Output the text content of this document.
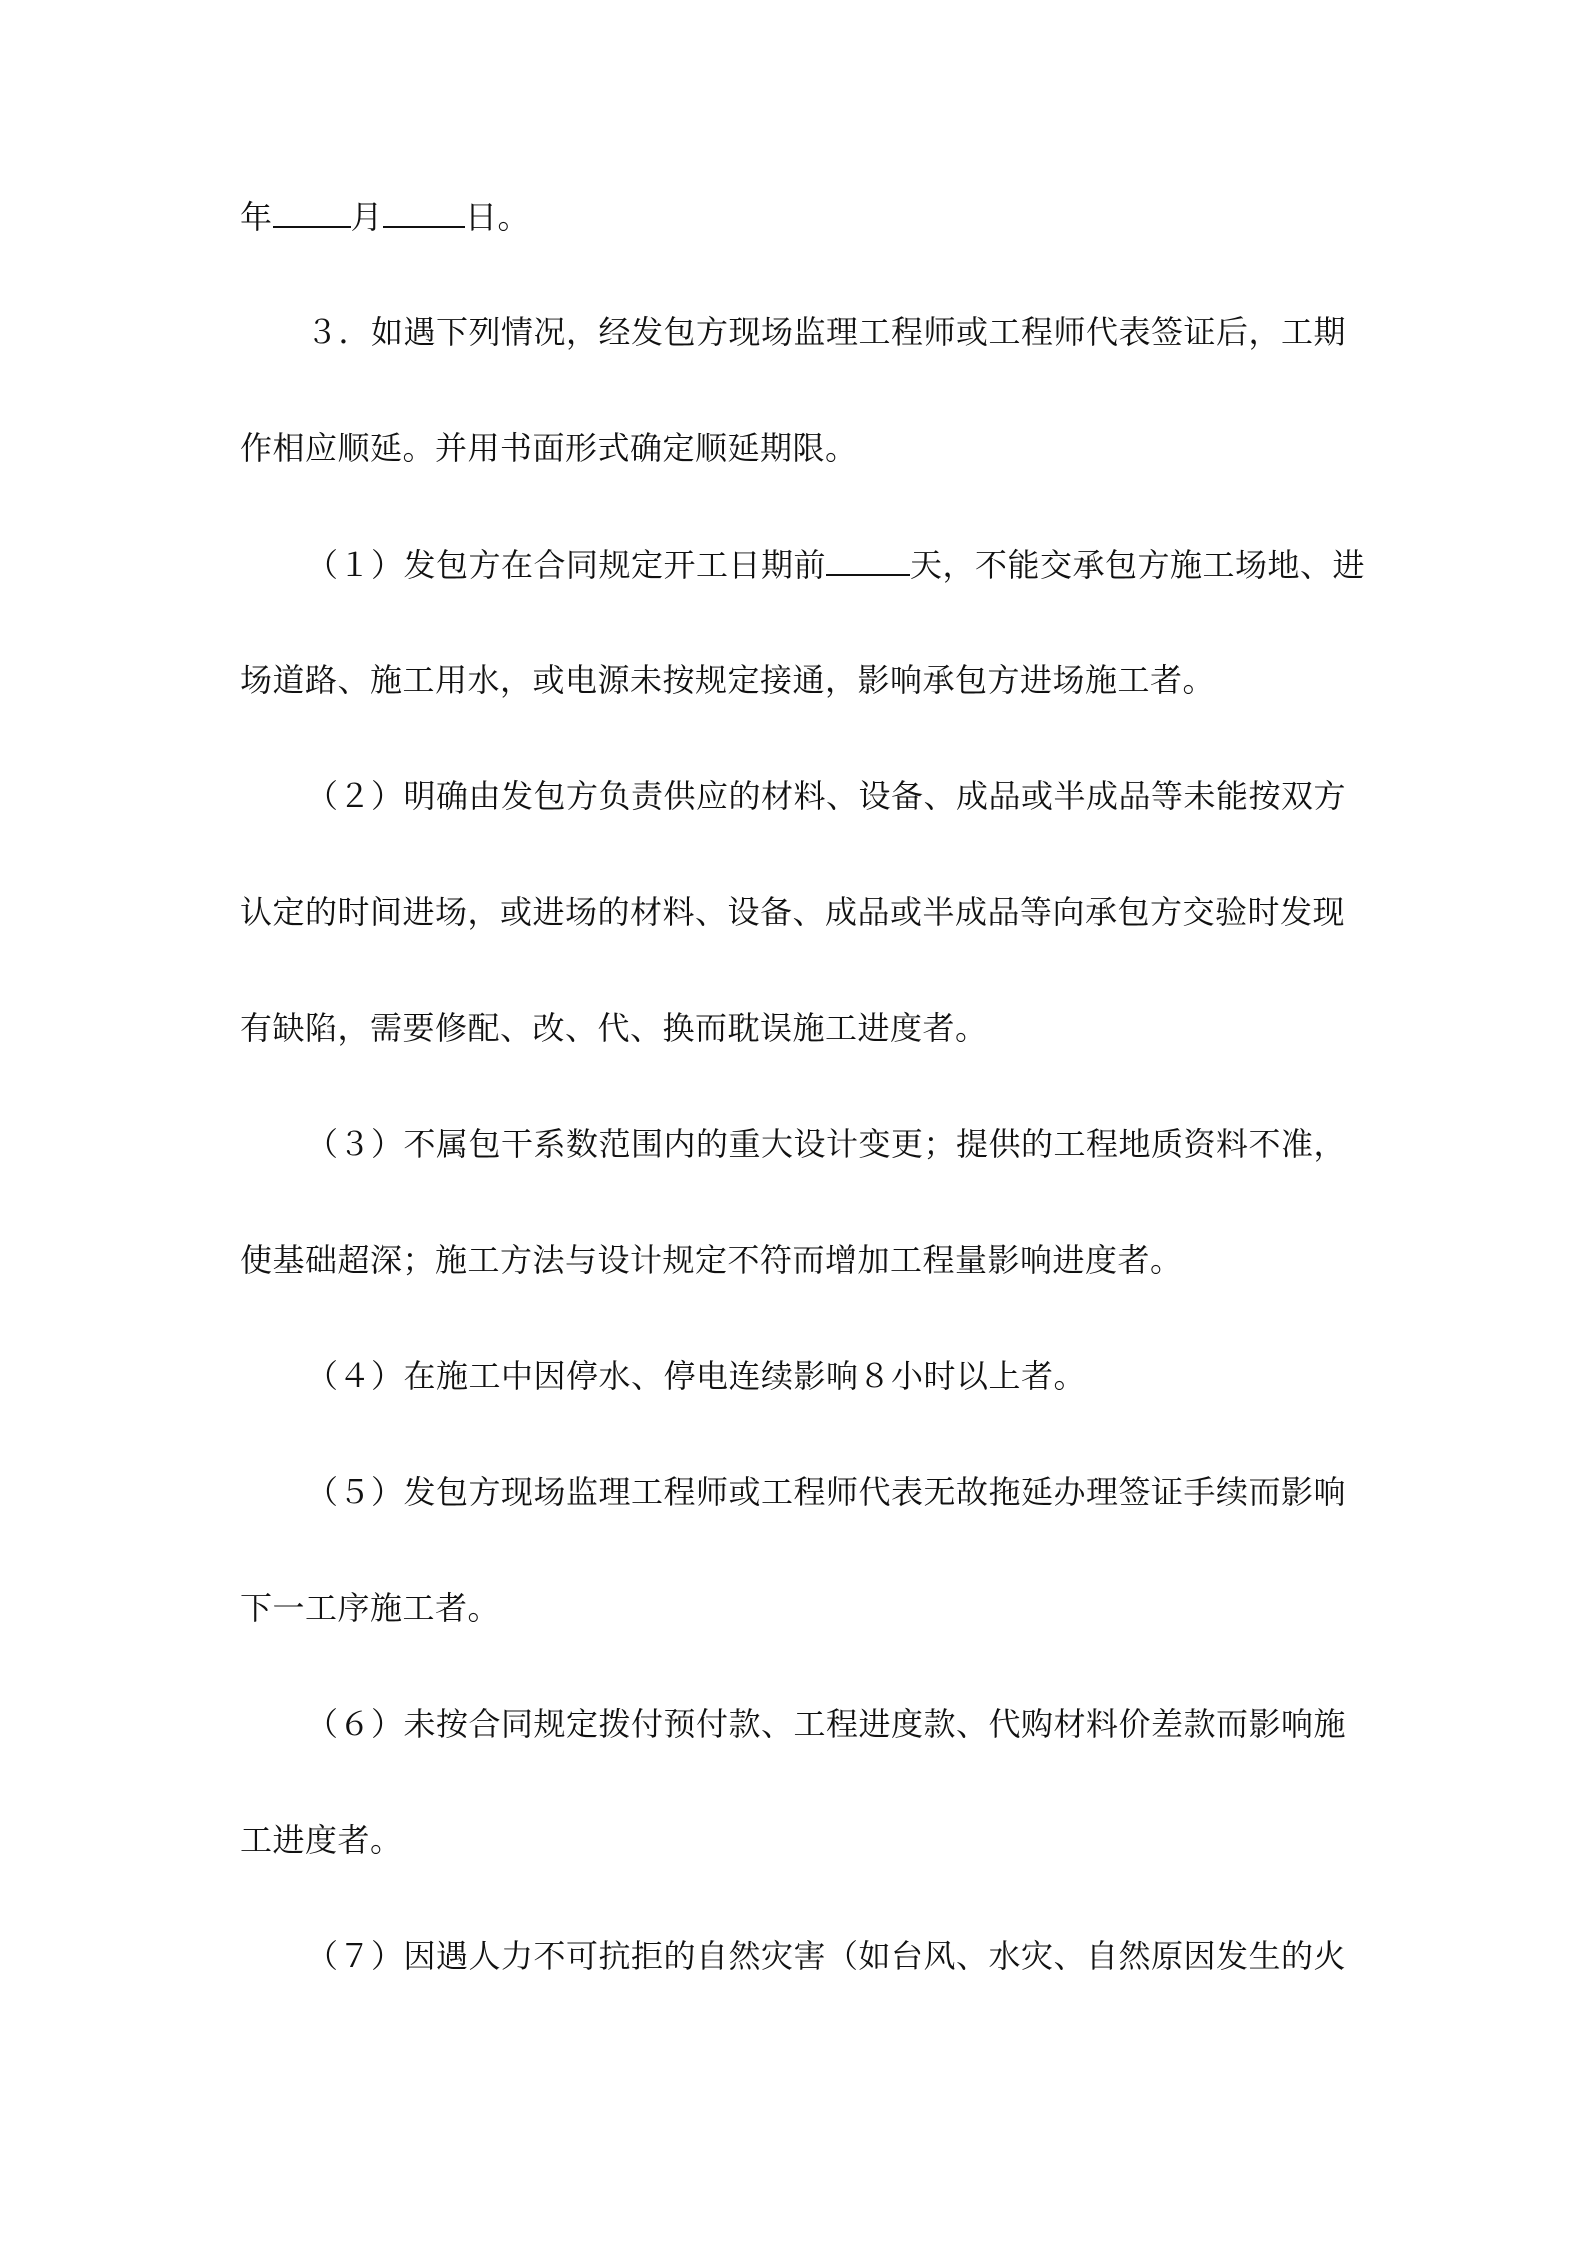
年 月	日。
３．如遇下列情况，经发包方现场监理工程师或工程师代表签证后，工期
作相应顺延。并用书面形式确定顺延期限。
（１）发包方在合同规定开工日期前	天，不能交承包方施工场地、进
场道路、施工用水，或电源未按规定接通，影响承包方进场施工者。
（２）明确由发包方负责供应的材料、设备、成品或半成品等未能按双方
认定的时间进场，或进场的材料、设备、成品或半成品等向承包方交验时发现
有缺陷，需要修配、改、代、换而耽误施工进度者。
（３）不属包干系数范围内的重大设计变更；提供的工程地质资料不准，
使基础超深；施工方法与设计规定不符而增加工程量影响进度者。
（４）在施工中因停水、停电连续影响８小时以上者。
（５）发包方现场监理工程师或工程师代表无故拖延办理签证手续而影响
下一工序施工者。
（６）未按合同规定拨付预付款、工程进度款、代购材料价差款而影响施
工进度者。
（７）因遇人力不可抗拒的自然灾害（如台风、水灾、自然原因发生的火
